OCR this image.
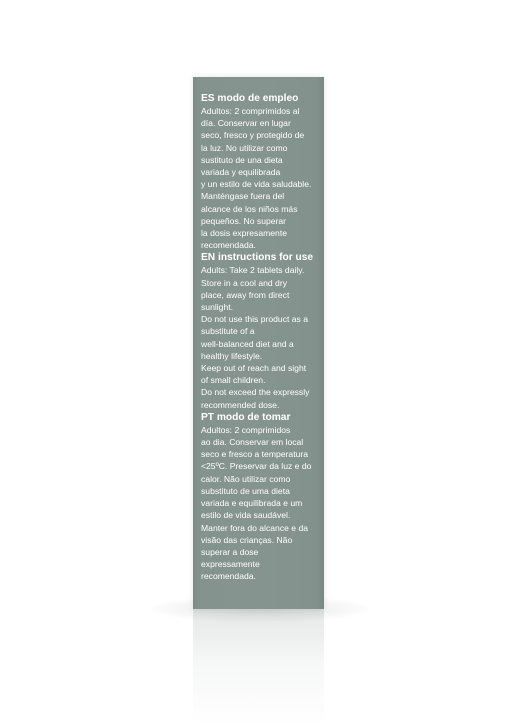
ES modo de empleo
Adultos: 2 comprimidos al
día. Conservar en lugar
seco, fresco y protegido de
la luz. No utilizar como
sustituto de una dieta
variada y equilibrada
y un estilo de vida saludable.
Manténgase fuera del
alcance de los niños más
pequeños. No superar
la dosis expresamente
recomendada.
EN instructions for use
Adults: Take 2 tablets daily.
Store in a cool and dry
place, away from direct
sunlight.
Do not use this product as a
substitute of a
well-balanced diet and a
healthy lifestyle.
Keep out of reach and sight
of small children.
Do not exceed the expressly
recommended dose.
PT modo de tomar
Adultos: 2 comprimidos
ao dia. Conservar em local
seco e fresco a temperatura
<25ºC. Preservar da luz e do
calor. Não utilizar como
substituto de uma dieta
variada e equilibrada e um
estilo de vida saudável.
Manter fora do alcance e da
visão das crianças. Não
superar a dose
expressamente
recomendada.
